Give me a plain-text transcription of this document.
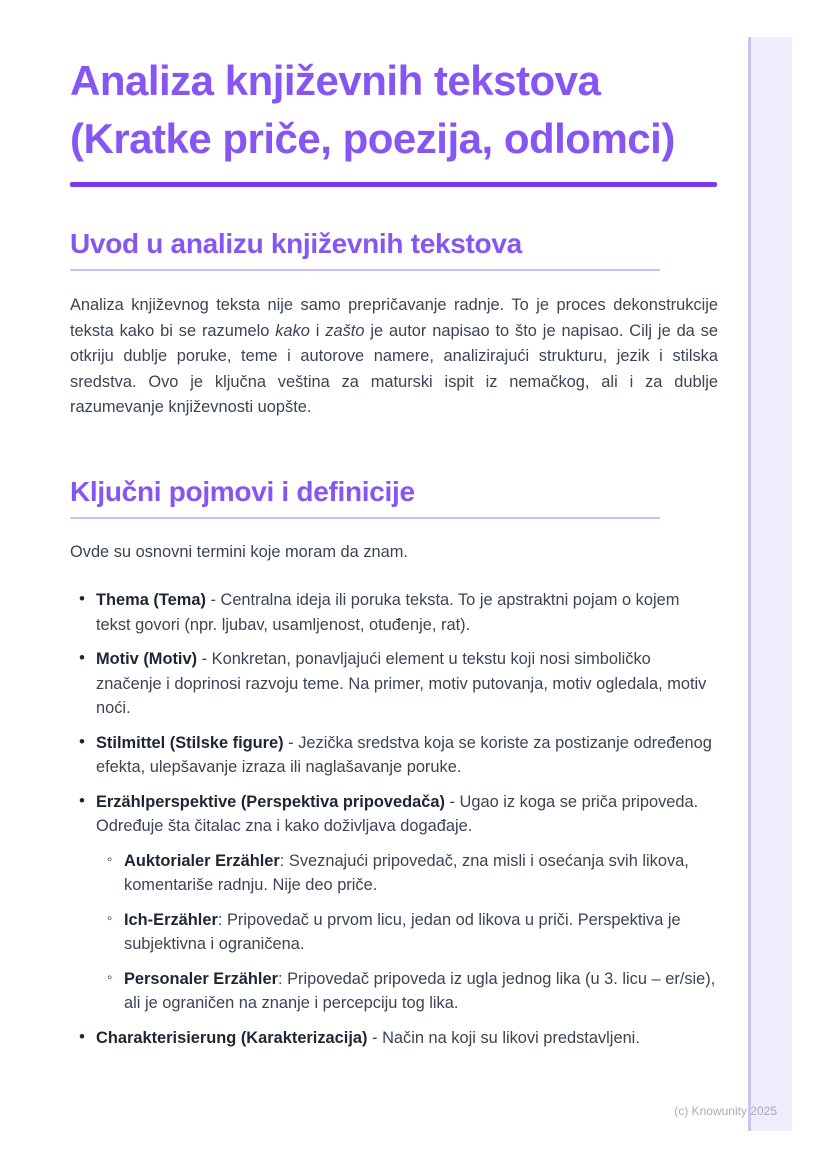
Analiza književnih tekstova (Kratke priče, poezija, odlomci)
Uvod u analizu književnih tekstova

Analiza književnog teksta nije samo prepričavanje radnje. To je proces dekonstrukcije teksta kako bi se razumelo kako i zašto je autor napisao to što je napisao. Cilj je da se otkriju dublje poruke, teme i autorove namere, analizirajući strukturu, jezik i stilska sredstva. Ovo je ključna veština za maturski ispit iz nemačkog, ali i za dublje razumevanje književnosti uopšte.

Ključni pojmovi i definicije

Ovde su osnovni termini koje moram da znam.

• Thema (Tema) - Centralna ideja ili poruka teksta. To je apstraktni pojam o kojem tekst govori (npr. ljubav, usamljenost, otuđenje, rat).
• Motiv (Motiv) - Konkretan, ponavljajući element u tekstu koji nosi simboličko značenje i doprinosi razvoju teme. Na primer, motiv putovanja, motiv ogledala, motiv noći.
• Stilmittel (Stilske figure) - Jezička sredstva koja se koriste za postizanje određenog efekta, ulepšavanje izraza ili naglašavanje poruke.
• Erzählperspektive (Perspektiva pripovedača) - Ugao iz koga se priča pripoveda. Određuje šta čitalac zna i kako doživljava događaje.
◦ Auktorialer Erzähler: Sveznajući pripovedač, zna misli i osećanja svih likova, komentariše radnju. Nije deo priče.
◦ Ich-Erzähler: Pripovedač u prvom licu, jedan od likova u priči. Perspektiva je subjektivna i ograničena.
◦ Personaler Erzähler: Pripovedač pripoveda iz ugla jednog lika (u 3. licu – er/sie), ali je ograničen na znanje i percepciju tog lika.
• Charakterisierung (Karakterizacija) - Način na koji su likovi predstavljeni.
(c) Knowunity 2025
